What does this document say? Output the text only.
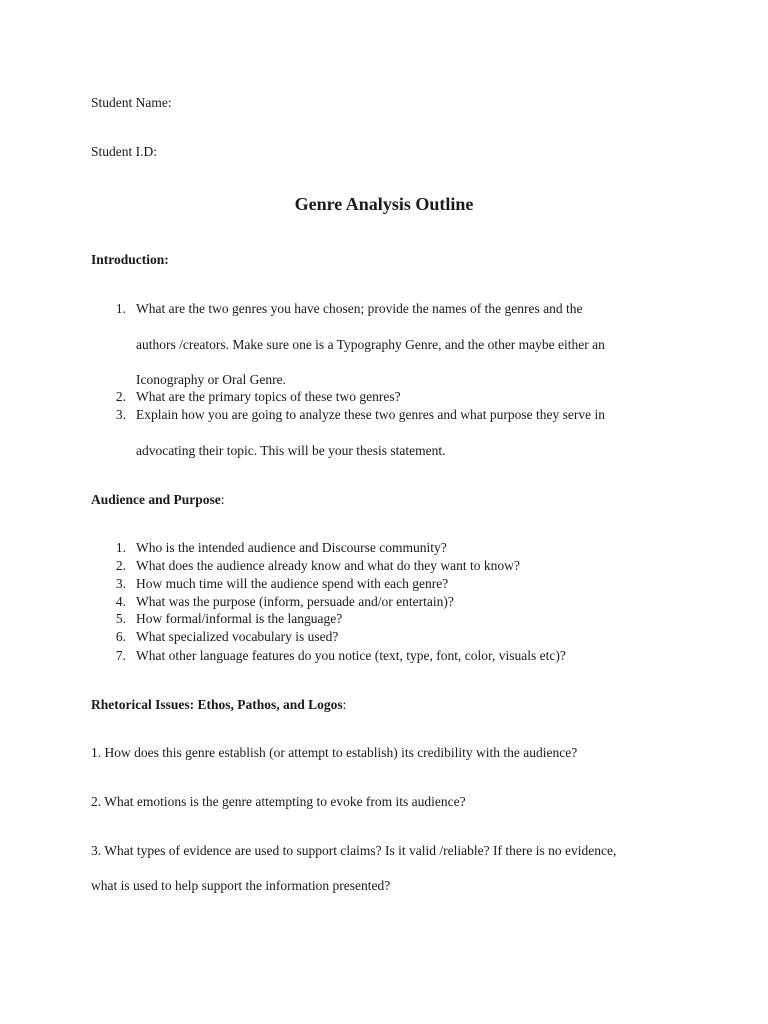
Student Name:
Student I.D:
Genre Analysis Outline
Introduction:
1. What are the two genres you have chosen; provide the names of the genres and the
authors /creators. Make sure one is a Typography Genre, and the other maybe either an
Iconography or Oral Genre.
2. What are the primary topics of these two genres?
3. Explain how you are going to analyze these two genres and what purpose they serve in
advocating their topic. This will be your thesis statement.
Audience and Purpose:
1. Who is the intended audience and Discourse community?
2. What does the audience already know and what do they want to know?
3. How much time will the audience spend with each genre?
4. What was the purpose (inform, persuade and/or entertain)?
5. How formal/informal is the language?
6. What specialized vocabulary is used?
7. What other language features do you notice (text, type, font, color, visuals etc)?
Rhetorical Issues: Ethos, Pathos, and Logos:
1. How does this genre establish (or attempt to establish) its credibility with the audience?
2. What emotions is the genre attempting to evoke from its audience?
3. What types of evidence are used to support claims? Is it valid /reliable? If there is no evidence,
what is used to help support the information presented?
